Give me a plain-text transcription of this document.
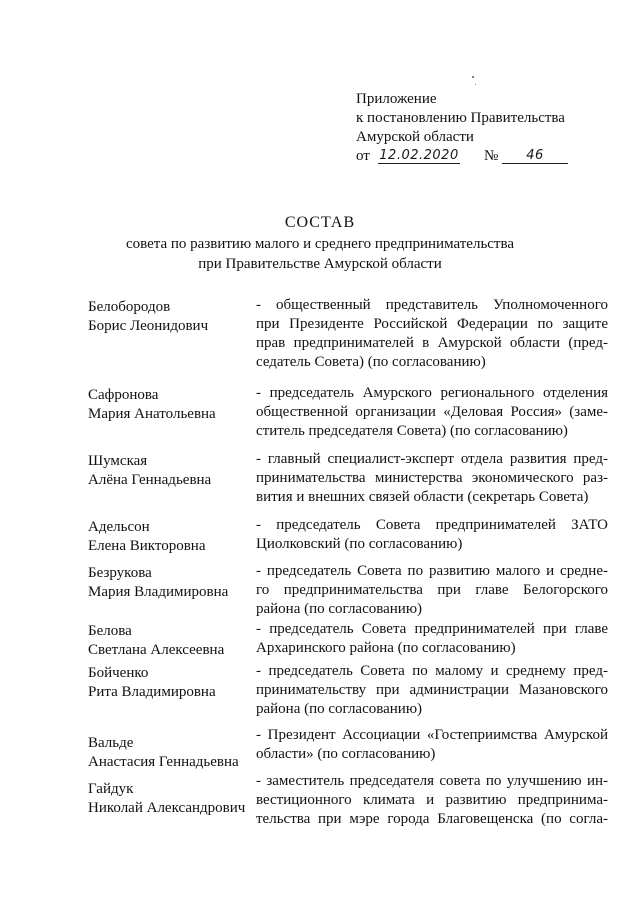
Приложение
к постановлению Правительства
Амурской области
от 12.02.2020 №	46
СОСТАВ
совета по развитию малого и среднего предпринимательства
при Правительстве Амурской области
Белобородов
Борис Леонидович
- общественный представитель Уполномоченного
при Президенте Российской Федерации по защите
прав предпринимателей в Амурской области (пред-
седатель Совета) (по согласованию)
Сафронова
Мария Анатольевна
- председатель Амурского регионального отделения
общественной организации «Деловая Россия» (заме-
ститель председателя Совета) (по согласованию)
Шумская
Алёна Геннадьевна
- главный специалист-эксперт отдела развития пред-
принимательства министерства экономического раз-
вития и внешних связей области (секретарь Совета)
Адельсон
Елена Викторовна
- председатель Совета предпринимателей ЗАТО
Циолковский (по согласованию)
Безрукова
Мария Владимировна
- председатель Совета по развитию малого и средне-
го предпринимательства при главе Белогорского
района (по согласованию)
Белова
Светлана Алексеевна
- председатель Совета предпринимателей при главе
Архаринского района (по согласованию)
Бойченко
Рита Владимировна
- председатель Совета по малому и среднему пред-
принимательству при администрации Мазановского
района (по согласованию)
Вальде
Анастасия Геннадьевна
- Президент Ассоциации «Гостеприимства Амурской
области» (по согласованию)
Гайдук
Николай Александрович
- заместитель председателя совета по улучшению ин-
вестиционного климата и развитию предпринима-
тельства при мэре города Благовещенска (по согла-
